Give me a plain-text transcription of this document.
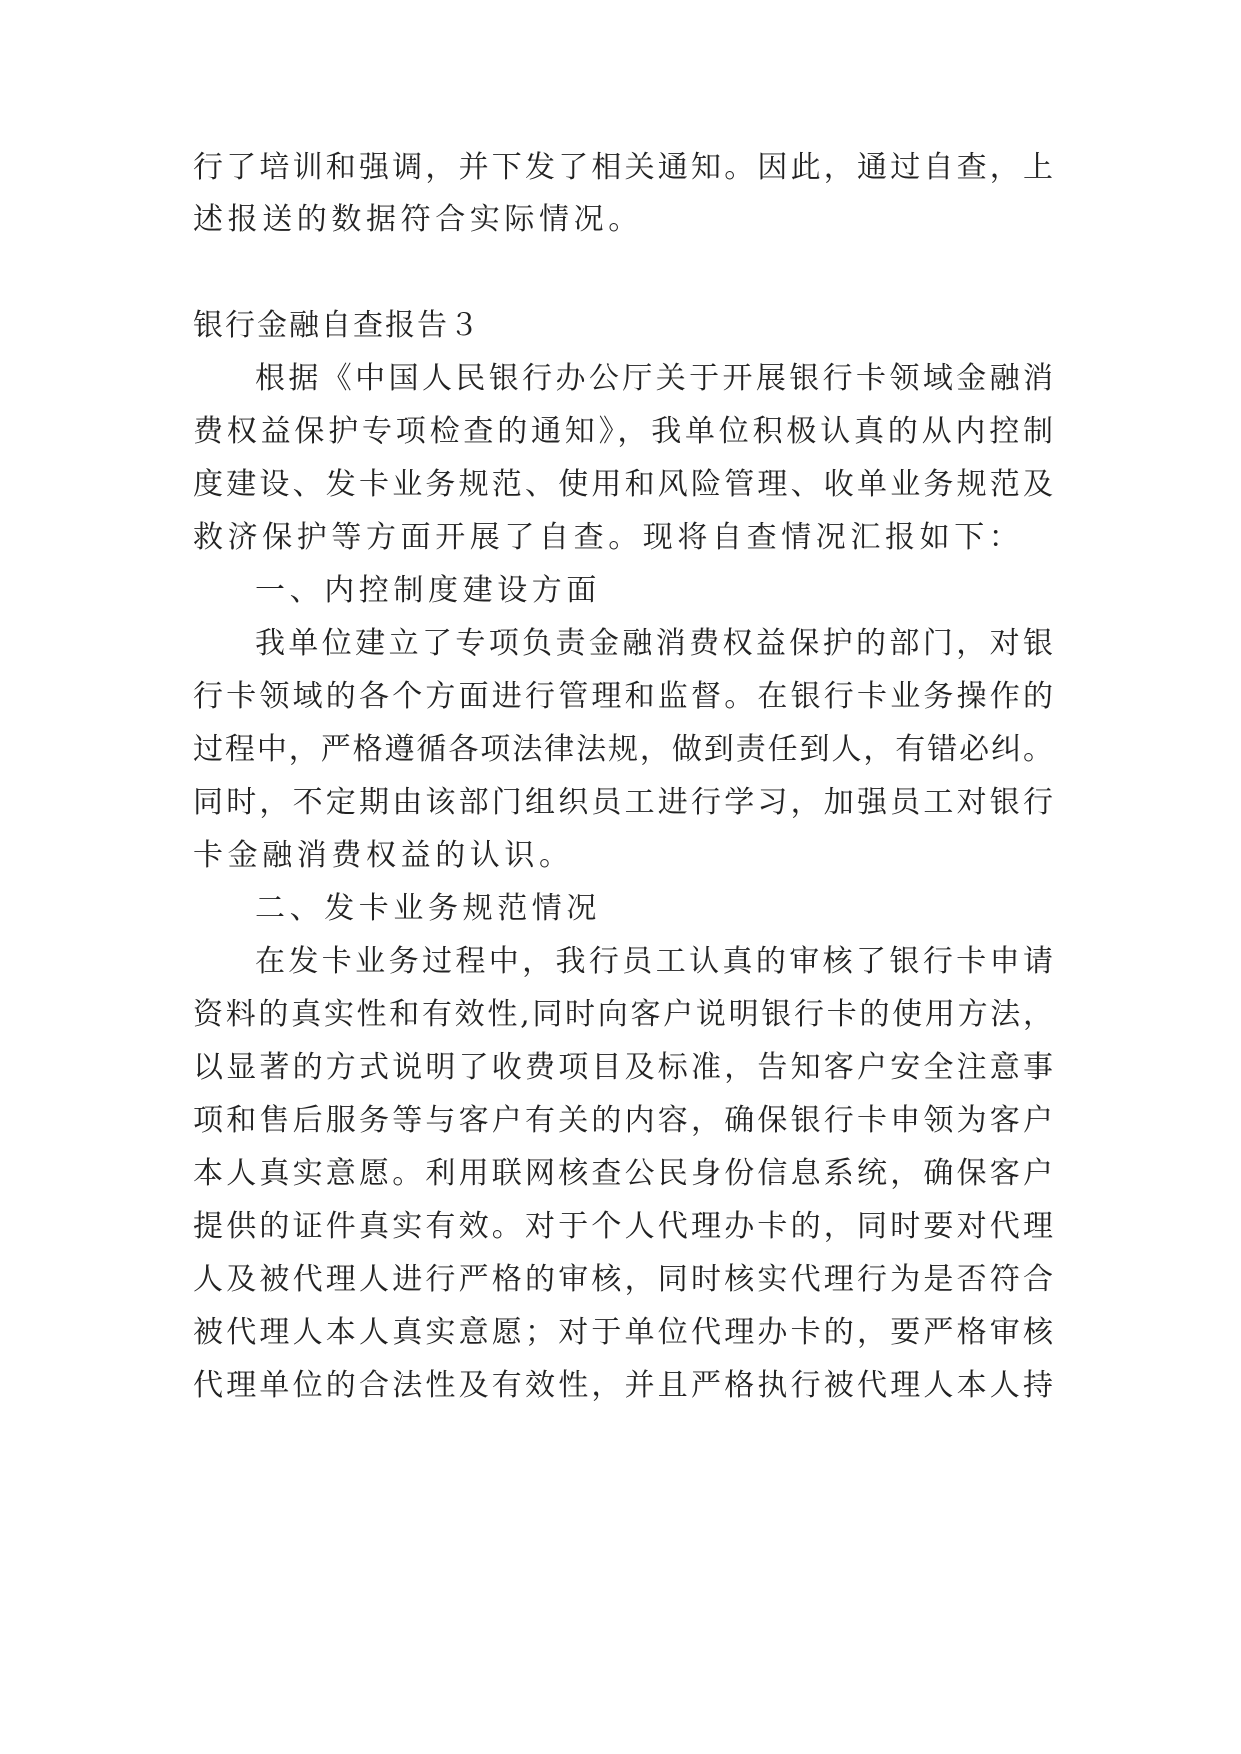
行了培训和强调，并下发了相关通知。因此，通过自查，上
述报送的数据符合实际情况。
银行金融自查报告３
根据《中国人民银行办公厅关于开展银行卡领域金融消
费权益保护专项检查的通知》，我单位积极认真的从内控制
度建设、发卡业务规范、使用和风险管理、收单业务规范及
救济保护等方面开展了自查。现将自查情况汇报如下：
一、内控制度建设方面
我单位建立了专项负责金融消费权益保护的部门，对银
行卡领域的各个方面进行管理和监督。在银行卡业务操作的
过程中，严格遵循各项法律法规，做到责任到人，有错必纠。
同时，不定期由该部门组织员工进行学习，加强员工对银行
卡金融消费权益的认识。
二、发卡业务规范情况
在发卡业务过程中，我行员工认真的审核了银行卡申请
资料的真实性和有效性,同时向客户说明银行卡的使用方法，
以显著的方式说明了收费项目及标准，告知客户安全注意事
项和售后服务等与客户有关的内容，确保银行卡申领为客户
本人真实意愿。利用联网核查公民身份信息系统，确保客户
提供的证件真实有效。对于个人代理办卡的，同时要对代理
人及被代理人进行严格的审核，同时核实代理行为是否符合
被代理人本人真实意愿；对于单位代理办卡的，要严格审核
代理单位的合法性及有效性，并且严格执行被代理人本人持
